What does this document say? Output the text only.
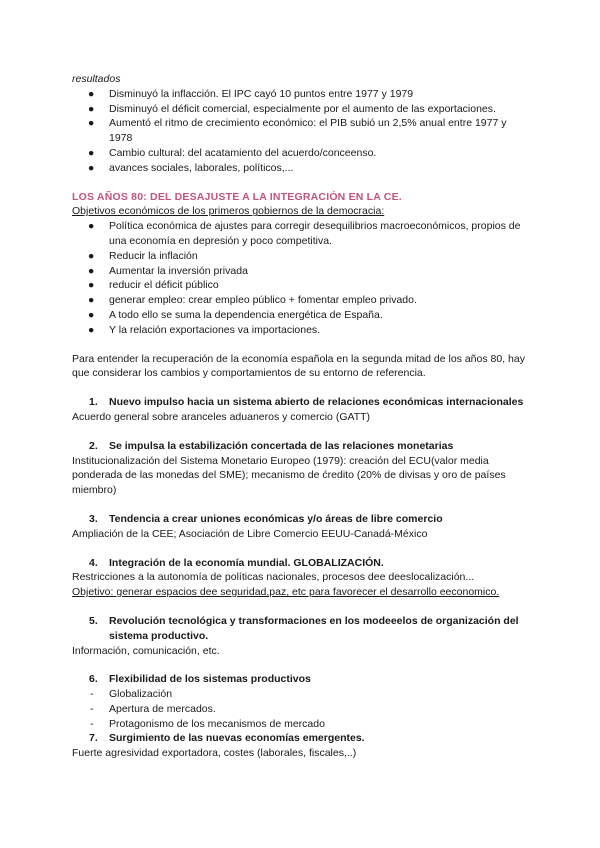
resultados

● Disminuyó la inflacción. El IPC cayó 10 puntos entre 1977 y 1979
● Disminuyó el déficit comercial, especialmente por el aumento de las exportaciones.
● Aumentó el ritmo de crecimiento económico: el PIB subió un 2,5% anual entre 1977 y 1978
● Cambio cultural: del acatamiento del acuerdo/conceenso.
● avances sociales, laborales, políticos,...

LOS AÑOS 80: DEL DESAJUSTE A LA INTEGRACIÓN EN LA CE.

Objetivos económicos de los primeros gobiernos de la democracia:

● Política económica de ajustes para corregir desequilibrios macroeconómicos, propios de una economía en depresión y poco competitiva.
● Reducir la inflación
● Aumentar la inversión privada
● reducir el déficit público
● generar empleo: crear empleo público + fomentar empleo privado.
● A todo ello se suma la dependencia energética de España.
● Y la relación exportaciones va importaciones.

Para entender la recuperación de la economía española en la segunda mitad de los años 80, hay que considerar los cambios y comportamientos de su entorno de referencia.

1. Nuevo impulso hacia un sistema abierto de relaciones económicas internacionales

Acuerdo general sobre aranceles aduaneros y comercio (GATT)

2. Se impulsa la estabilización concertada de las relaciones monetarias

Institucionalización del Sistema Monetario Europeo (1979): creación del ECU(valor media ponderada de las monedas del SME); mecanismo de ćredito (20% de divisas y oro de países miembro)

3. Tendencia a crear uniones económicas y/o áreas de libre comercio

Ampliación de la CEE; Asociación de Libre Comercio EEUU-Canadá-México

4. Integración de la economía mundial. GLOBALIZACIÓN.

Restricciones a la autonomía de políticas nacionales, procesos dee deeslocalización...

Objetivo: generar espacios dee seguridad,paz, etc para favorecer el desarrollo eeconomico.

5. Revolución tecnológica y transformaciones en los modeeelos de organización del sistema productivo.

Información, comunicación, etc.

6. Flexibilidad de los sistemas productivos
- Globalización
- Apertura de mercados.
- Protagonismo de los mecanismos de mercado
7. Surgimiento de las nuevas economías emergentes.

Fuerte agresividad exportadora, costes (laborales, fiscales,..)
